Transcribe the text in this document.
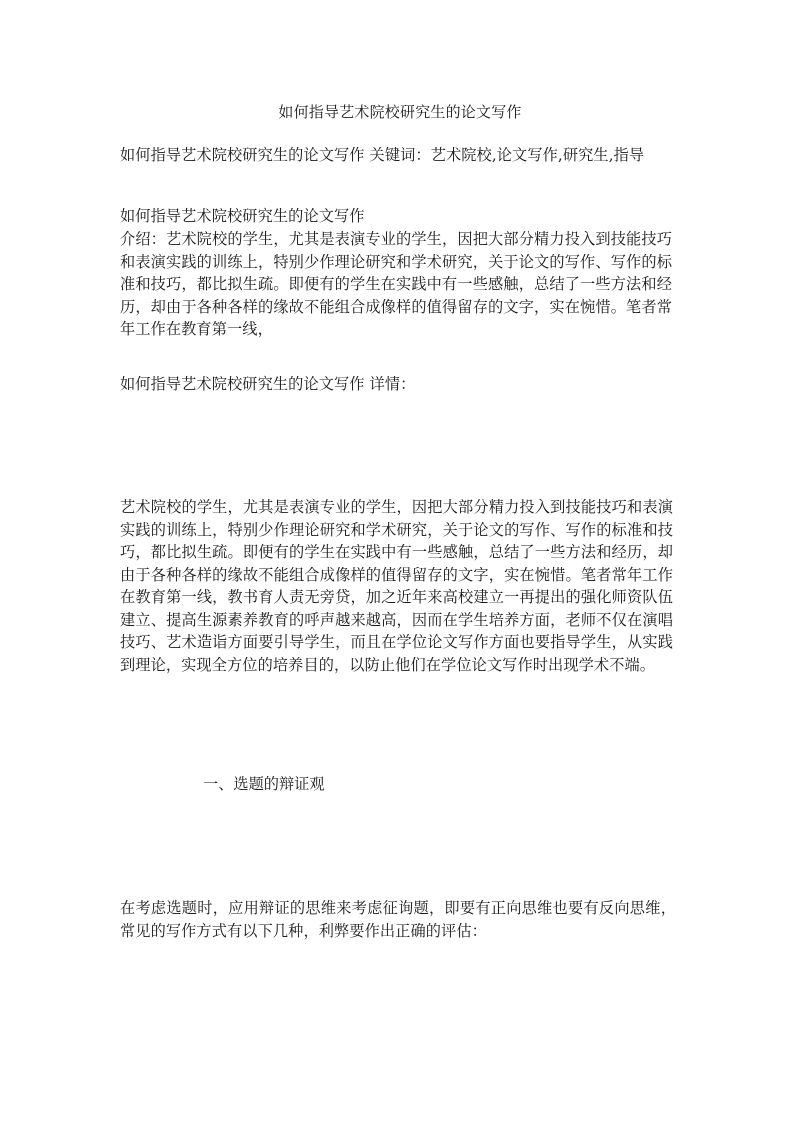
如何指导艺术院校研究生的论文写作
如何指导艺术院校研究生的论文写作 关键词：艺术院校,论文写作,研究生,指导
如何指导艺术院校研究生的论文写作
介绍：艺术院校的学生，尤其是表演专业的学生，因把大部分精力投入到技能技巧和表演实践的训练上，特别少作理论研究和学术研究，关于论文的写作、写作的标准和技巧，都比拟生疏。即便有的学生在实践中有一些感触，总结了一些方法和经历，却由于各种各样的缘故不能组合成像样的值得留存的文字，实在惋惜。笔者常年工作在教育第一线，
如何指导艺术院校研究生的论文写作 详情：
艺术院校的学生，尤其是表演专业的学生，因把大部分精力投入到技能技巧和表演实践的训练上，特别少作理论研究和学术研究，关于论文的写作、写作的标准和技巧，都比拟生疏。即便有的学生在实践中有一些感触，总结了一些方法和经历，却由于各种各样的缘故不能组合成像样的值得留存的文字，实在惋惜。笔者常年工作在教育第一线，教书育人责无旁贷，加之近年来高校建立一再提出的强化师资队伍建立、提高生源素养教育的呼声越来越高，因而在学生培养方面，老师不仅在演唱技巧、艺术造诣方面要引导学生，而且在学位论文写作方面也要指导学生，从实践到理论，实现全方位的培养目的，以防止他们在学位论文写作时出现学术不端。
一、选题的辩证观
在考虑选题时，应用辩证的思维来考虑征询题，即要有正向思维也要有反向思维，常见的写作方式有以下几种，利弊要作出正确的评估：
